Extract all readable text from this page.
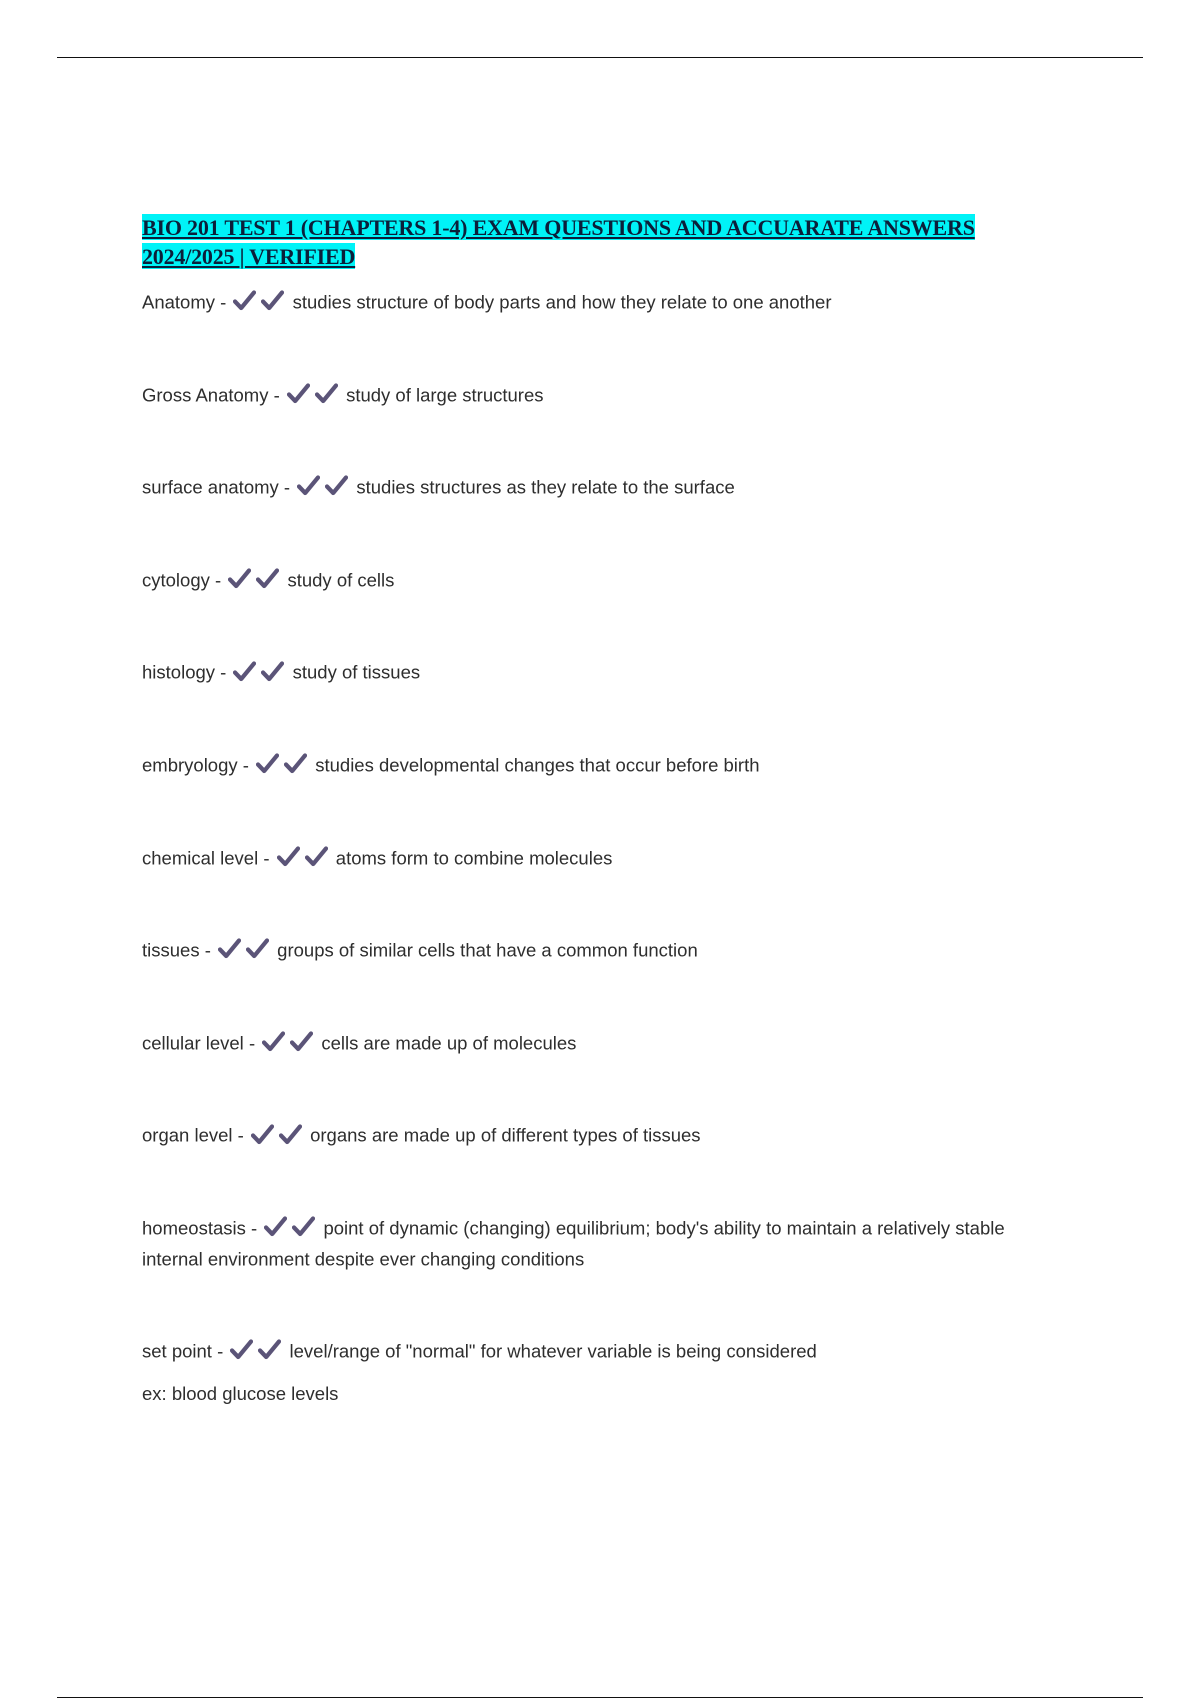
BIO 201 TEST 1 (CHAPTERS 1-4) EXAM QUESTIONS AND ACCUARATE ANSWERS
2024/2025 | VERIFIED
Anatomy -	studies structure of body parts and how they relate to one another
Gross Anatomy -	study of large structures
surface anatomy -	studies structures as they relate to the surface
cytology -	study of cells
histology -	study of tissues
embryology -	studies developmental changes that occur before birth
chemical level -	atoms form to combine molecules
tissues -	groups of similar cells that have a common function
cellular level -	cells are made up of molecules
organ level -	organs are made up of different types of tissues
homeostasis -	point of dynamic (changing) equilibrium; body's ability to maintain a relatively stable internal environment despite ever changing conditions
set point -	level/range of "normal" for whatever variable is being considered
ex: blood glucose levels
